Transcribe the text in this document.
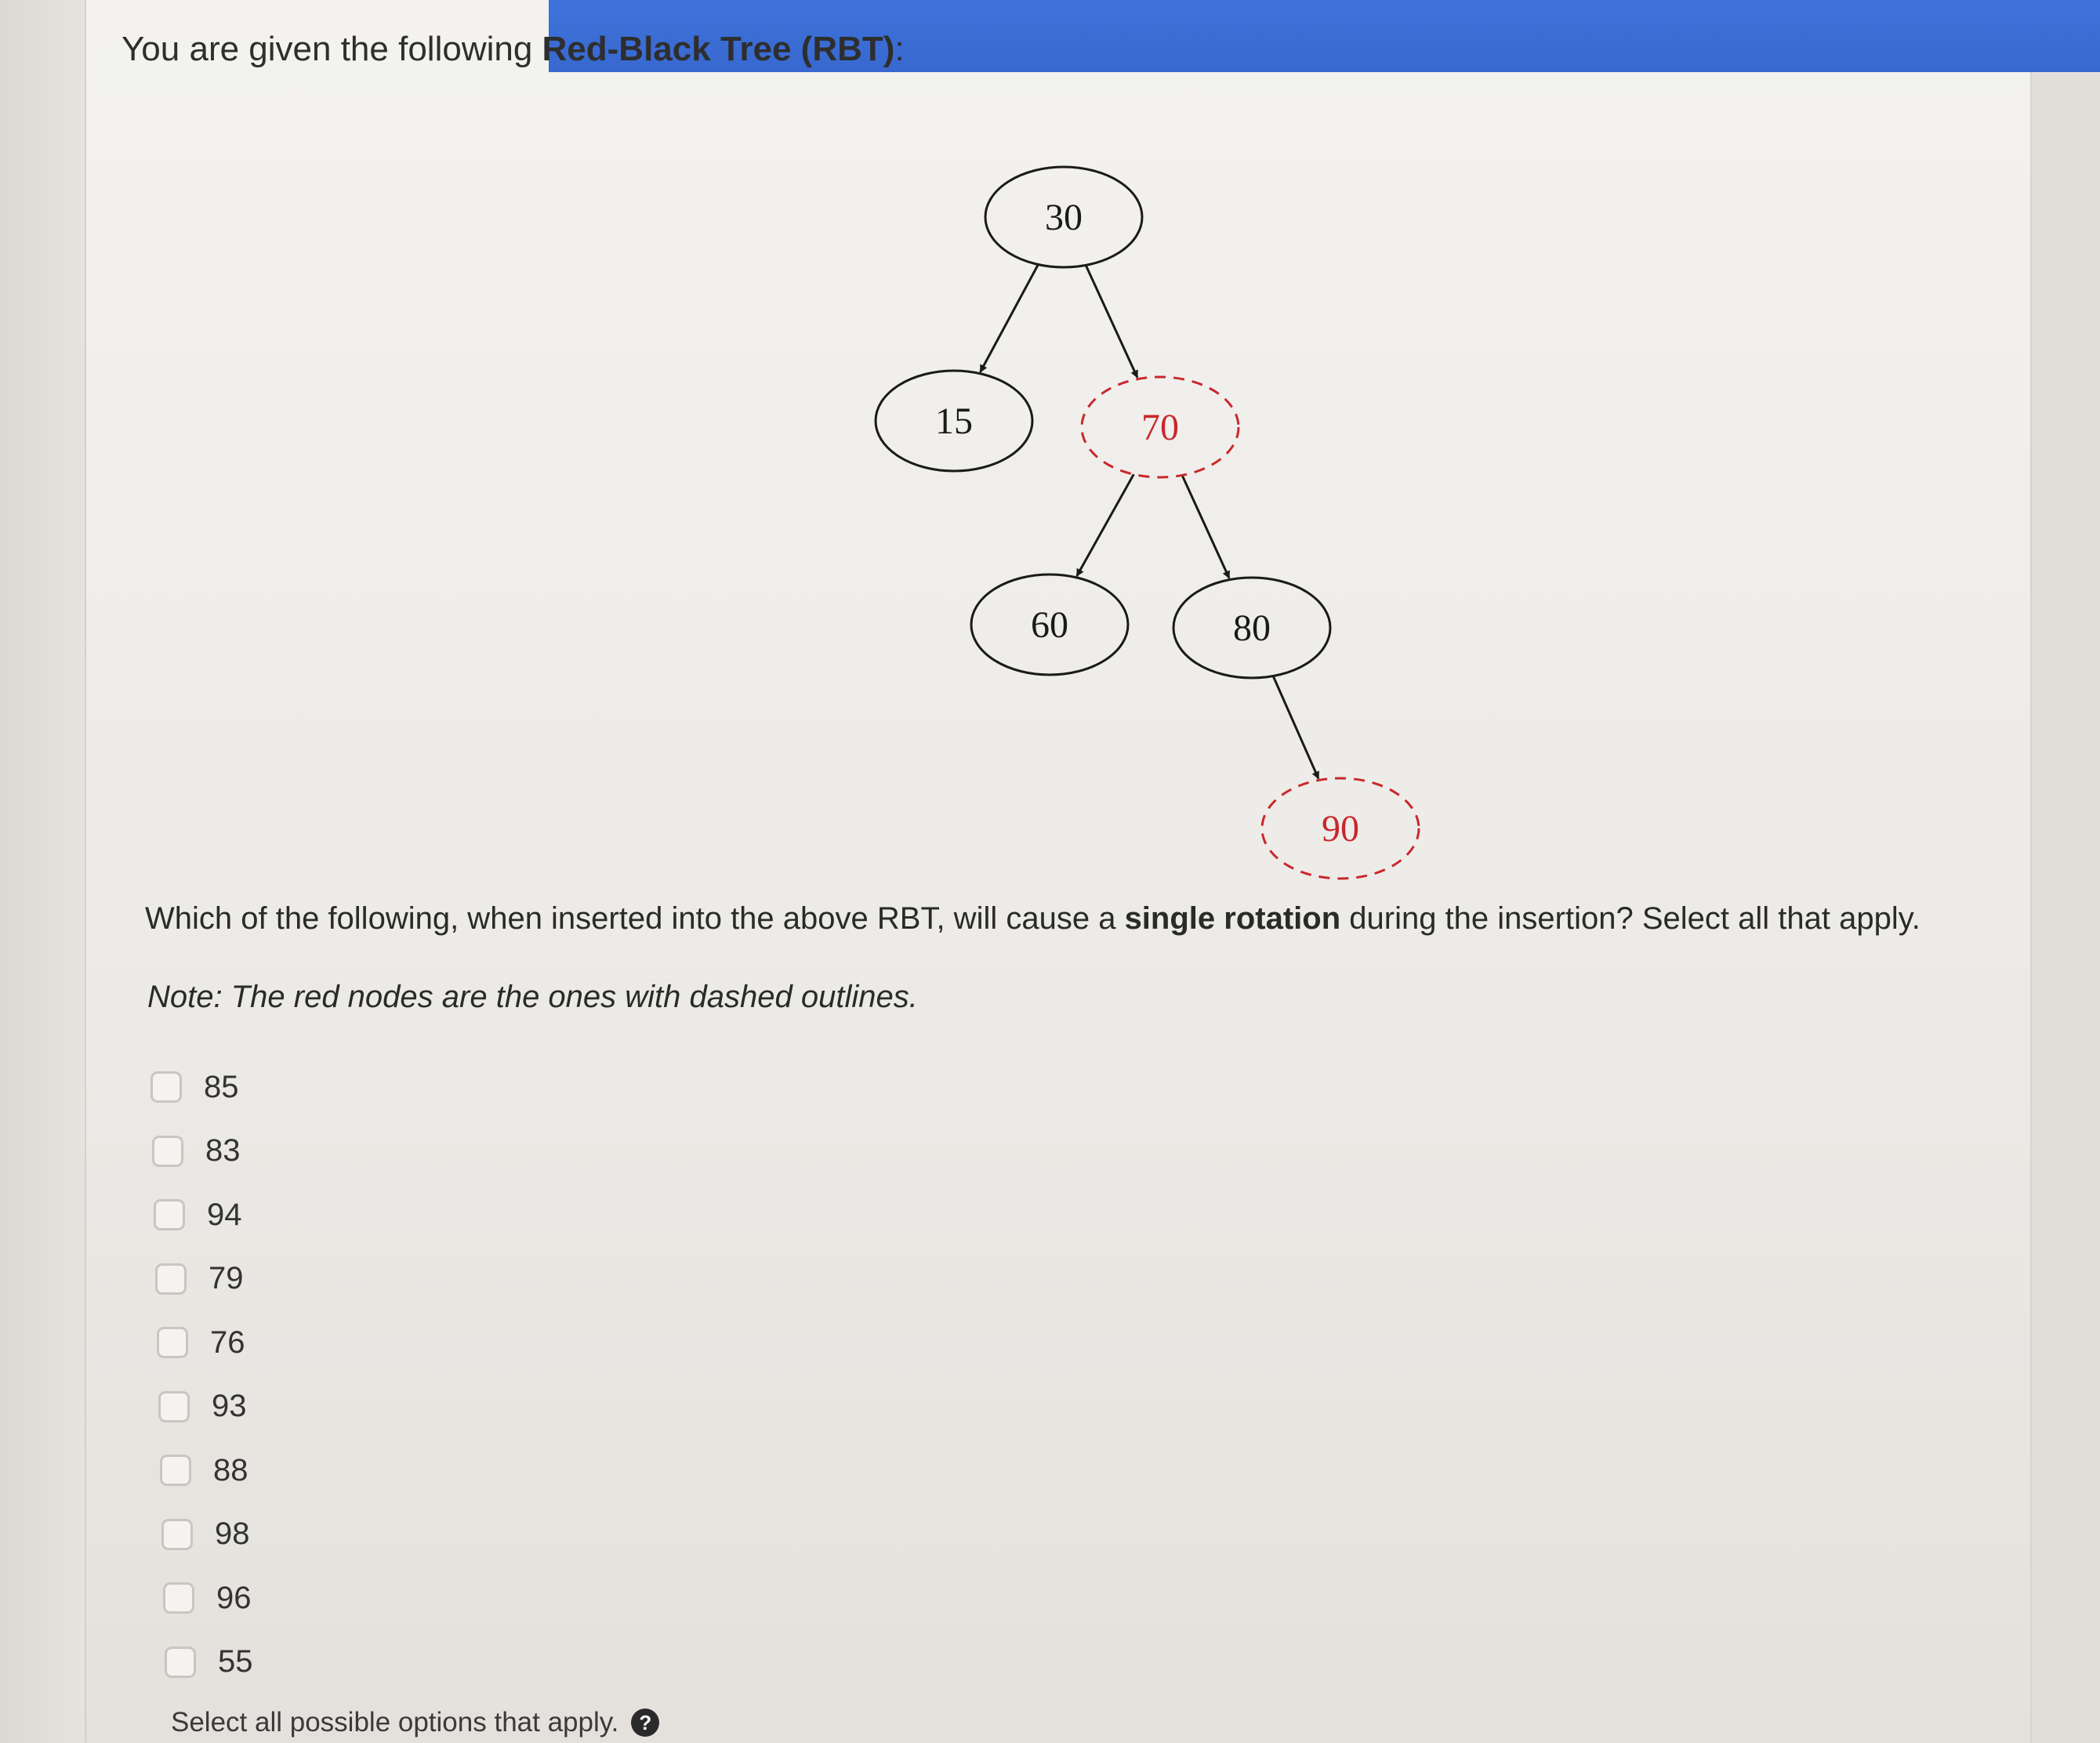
You are given the following Red-Black Tree (RBT):
30
15	70
60	80
90
Which of the following, when inserted into the above RBT, will cause a single rotation during the insertion? Select all that apply.
Note: The red nodes are the ones with dashed outlines.
85
83
94
79
76
93
88
98
96
55
Select all possible options that apply.	?
